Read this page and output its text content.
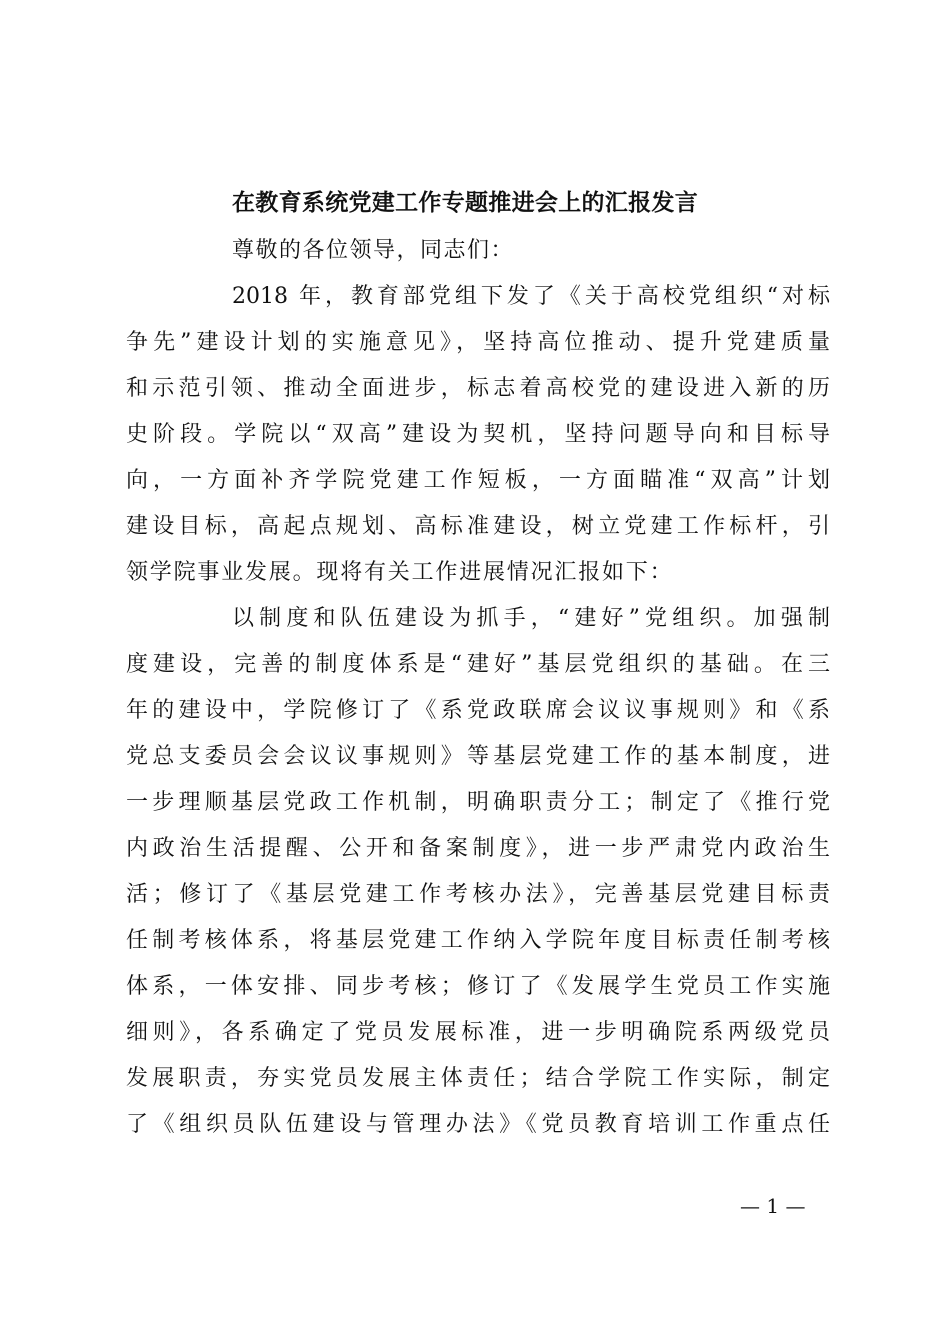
在教育系统党建工作专题推进会上的汇报发言
尊敬的各位领导，同志们：
2018 年，教育部党组下发了《关于高校党组织“对标
争先”建设计划的实施意见》，坚持高位推动、提升党建质量
和示范引领、推动全面进步，标志着高校党的建设进入新的历
史阶段。学院以“双高”建设为契机，坚持问题导向和目标导
向，一方面补齐学院党建工作短板，一方面瞄准“双高”计划
建设目标，高起点规划、高标准建设，树立党建工作标杆，引
领学院事业发展。现将有关工作进展情况汇报如下：
以制度和队伍建设为抓手，“建好”党组织。加强制
度建设，完善的制度体系是“建好”基层党组织的基础。在三
年的建设中，学院修订了《系党政联席会议议事规则》和《系
党总支委员会会议议事规则》等基层党建工作的基本制度，进
一步理顺基层党政工作机制，明确职责分工；制定了《推行党
内政治生活提醒、公开和备案制度》，进一步严肃党内政治生
活；修订了《基层党建工作考核办法》，完善基层党建目标责
任制考核体系，将基层党建工作纳入学院年度目标责任制考核
体系，一体安排、同步考核；修订了《发展学生党员工作实施
细则》，各系确定了党员发展标准，进一步明确院系两级党员
发展职责，夯实党员发展主体责任；结合学院工作实际，制定
了《组织员队伍建设与管理办法》《党员教育培训工作重点任
— 1 —
